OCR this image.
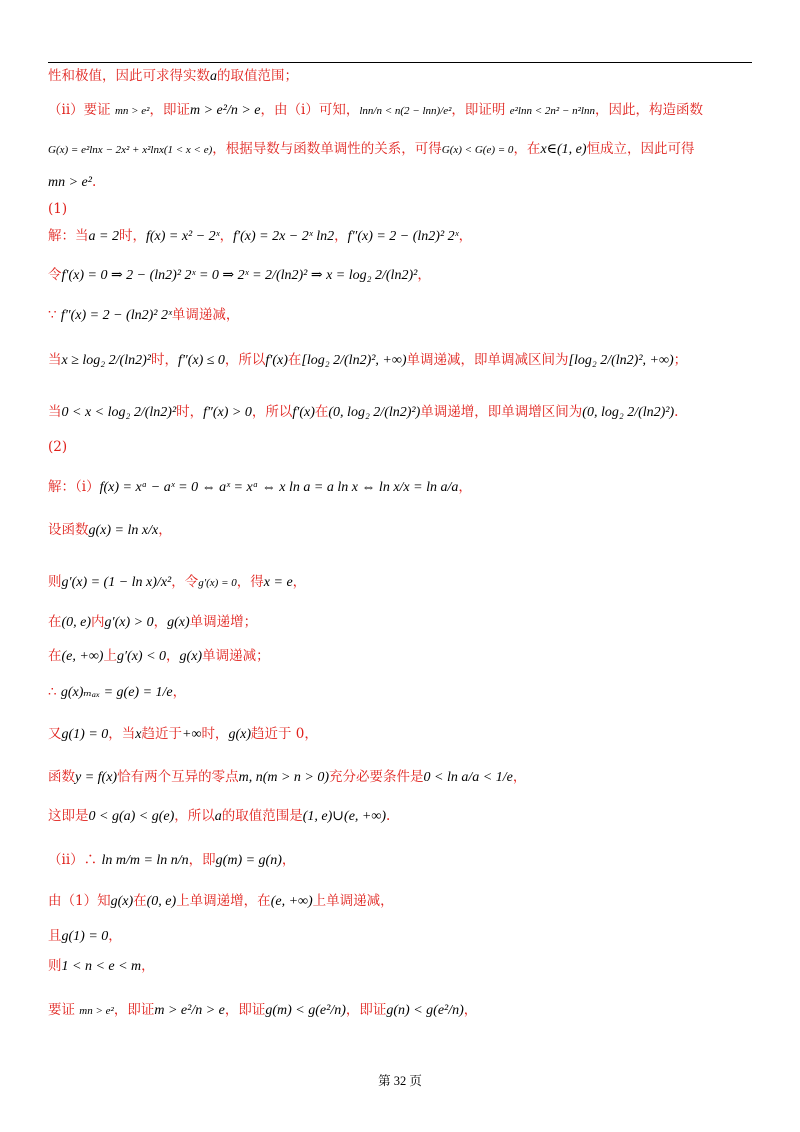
性和极值，因此可求得实数a的取值范围；
（ii）要证 mn > e²，即证m > e²/n > e，由（i）可知，lnn/n < n(2 − lnn)/e²，即证明 e²lnn < 2n² − n²lnn，因此，构造函数
G(x) = e²lnx − 2x² + x²lnx(1 < x < e)，根据导数与函数单调性的关系，可得G(x) < G(e) = 0，在x∈(1, e)恒成立，因此可得
mn > e².
(1)
解：当a = 2时，f(x) = x² − 2ˣ，f′(x) = 2x − 2ˣ ln2，f″(x) = 2 − (ln2)² 2ˣ，
令f′(x) = 0 ⇒ 2 − (ln2)² 2ˣ = 0 ⇒ 2ˣ = 2/(ln2)² ⇒ x = log₂ 2/(ln2)²，
∵ f″(x) = 2 − (ln2)² 2ˣ单调递减，
当x ≥ log₂ 2/(ln2)²时，f″(x) ≤ 0，所以f′(x)在[log₂ 2/(ln2)², +∞)单调递减，即单调减区间为[log₂ 2/(ln2)², +∞)；
当0 < x < log₂ 2/(ln2)²时，f″(x) > 0，所以f′(x)在(0, log₂ 2/(ln2)²)单调递增，即单调增区间为(0, log₂ 2/(ln2)²).
(2)
解：（i）f(x) = xᵃ − aˣ = 0 ⇔ aˣ = xᵃ ⇔ x ln a = a ln x ⇔ ln x/x = ln a/a，
设函数g(x) = ln x/x，
则g′(x) = (1 − ln x)/x²，令g′(x) = 0，得x = e，
在(0, e)内g′(x) > 0，g(x)单调递增；
在(e, +∞)上g′(x) < 0，g(x)单调递减；
∴ g(x)ₘₐₓ = g(e) = 1/e，
又g(1) = 0，当x趋近于+∞时，g(x)趋近于 0，
函数y = f(x)恰有两个互异的零点m, n(m > n > 0)充分必要条件是0 < ln a/a < 1/e，
这即是0 < g(a) < g(e)，所以a的取值范围是(1, e)∪(e, +∞).
（ii）∴ ln m/m = ln n/n，即g(m) = g(n)，
由（1）知g(x)在(0, e)上单调递增，在(e, +∞)上单调递减，
且g(1) = 0，
则1 < n < e < m，
要证 mn > e²，即证m > e²/n > e，即证g(m) < g(e²/n)，即证g(n) < g(e²/n)，
第 32 页
